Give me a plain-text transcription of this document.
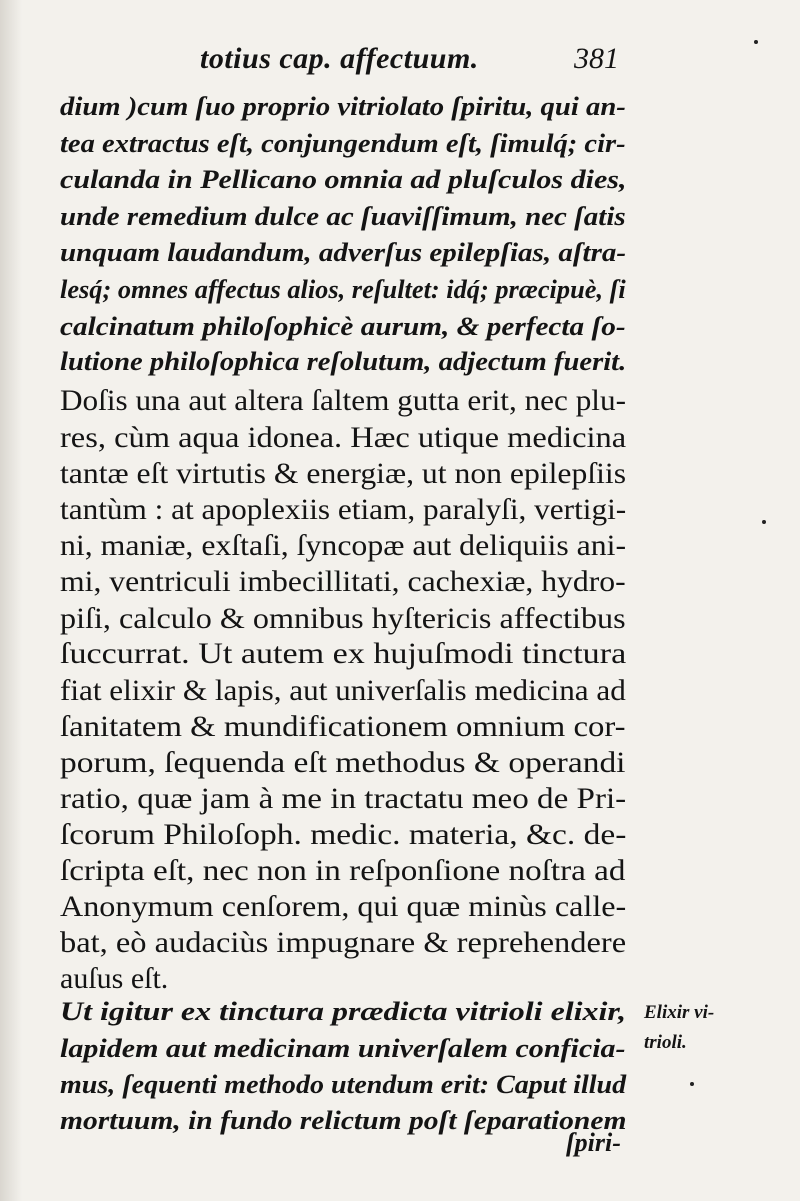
totius cap. affectuum.	381
dium )cum ſuo proprio vitriolato ſpiritu, qui an-
tea extractus eſt, conjungendum eſt, ſimulq́; cir-
culanda in Pellicano omnia ad pluſculos dies,
unde remedium dulce ac ſuaviſſimum, nec ſatis
unquam laudandum, adverſus epilepſias, aſtra-
lesq́; omnes affectus alios, reſultet: idq́; præcipuè, ſi
calcinatum philoſophicè aurum, & perfecta ſo-
lutione philoſophica reſolutum, adjectum fuerit.
Doſis una aut altera ſaltem gutta erit, nec plu-
res, cùm aqua idonea. Hæc utique medicina
tantæ eſt virtutis & energiæ, ut non epilepſiis
tantùm : at apoplexiis etiam, paralyſi, vertigi-
ni, maniæ, exſtaſi, ſyncopæ aut deliquiis ani-
mi, ventriculi imbecillitati, cachexiæ, hydro-
piſi, calculo & omnibus hyſtericis affectibus
ſuccurrat. Ut autem ex hujuſmodi tinctura
fiat elixir & lapis, aut univerſalis medicina ad
ſanitatem & mundificationem omnium cor-
porum, ſequenda eſt methodus & operandi
ratio, quæ jam à me in tractatu meo de Pri-
ſcorum Philoſoph. medic. materia, &c. de-
ſcripta eſt, nec non in reſponſione noſtra ad
Anonymum cenſorem, qui quæ minùs calle-
bat, eò audaciùs impugnare & reprehendere
auſus eſt.
Ut igitur ex tinctura prædicta vitrioli elixir,
lapidem aut medicinam univerſalem conficia-
mus, ſequenti methodo utendum erit: Caput illud
mortuum, in fundo relictum poſt ſeparationem
Elixir vi-
trioli.
ſpiri-
